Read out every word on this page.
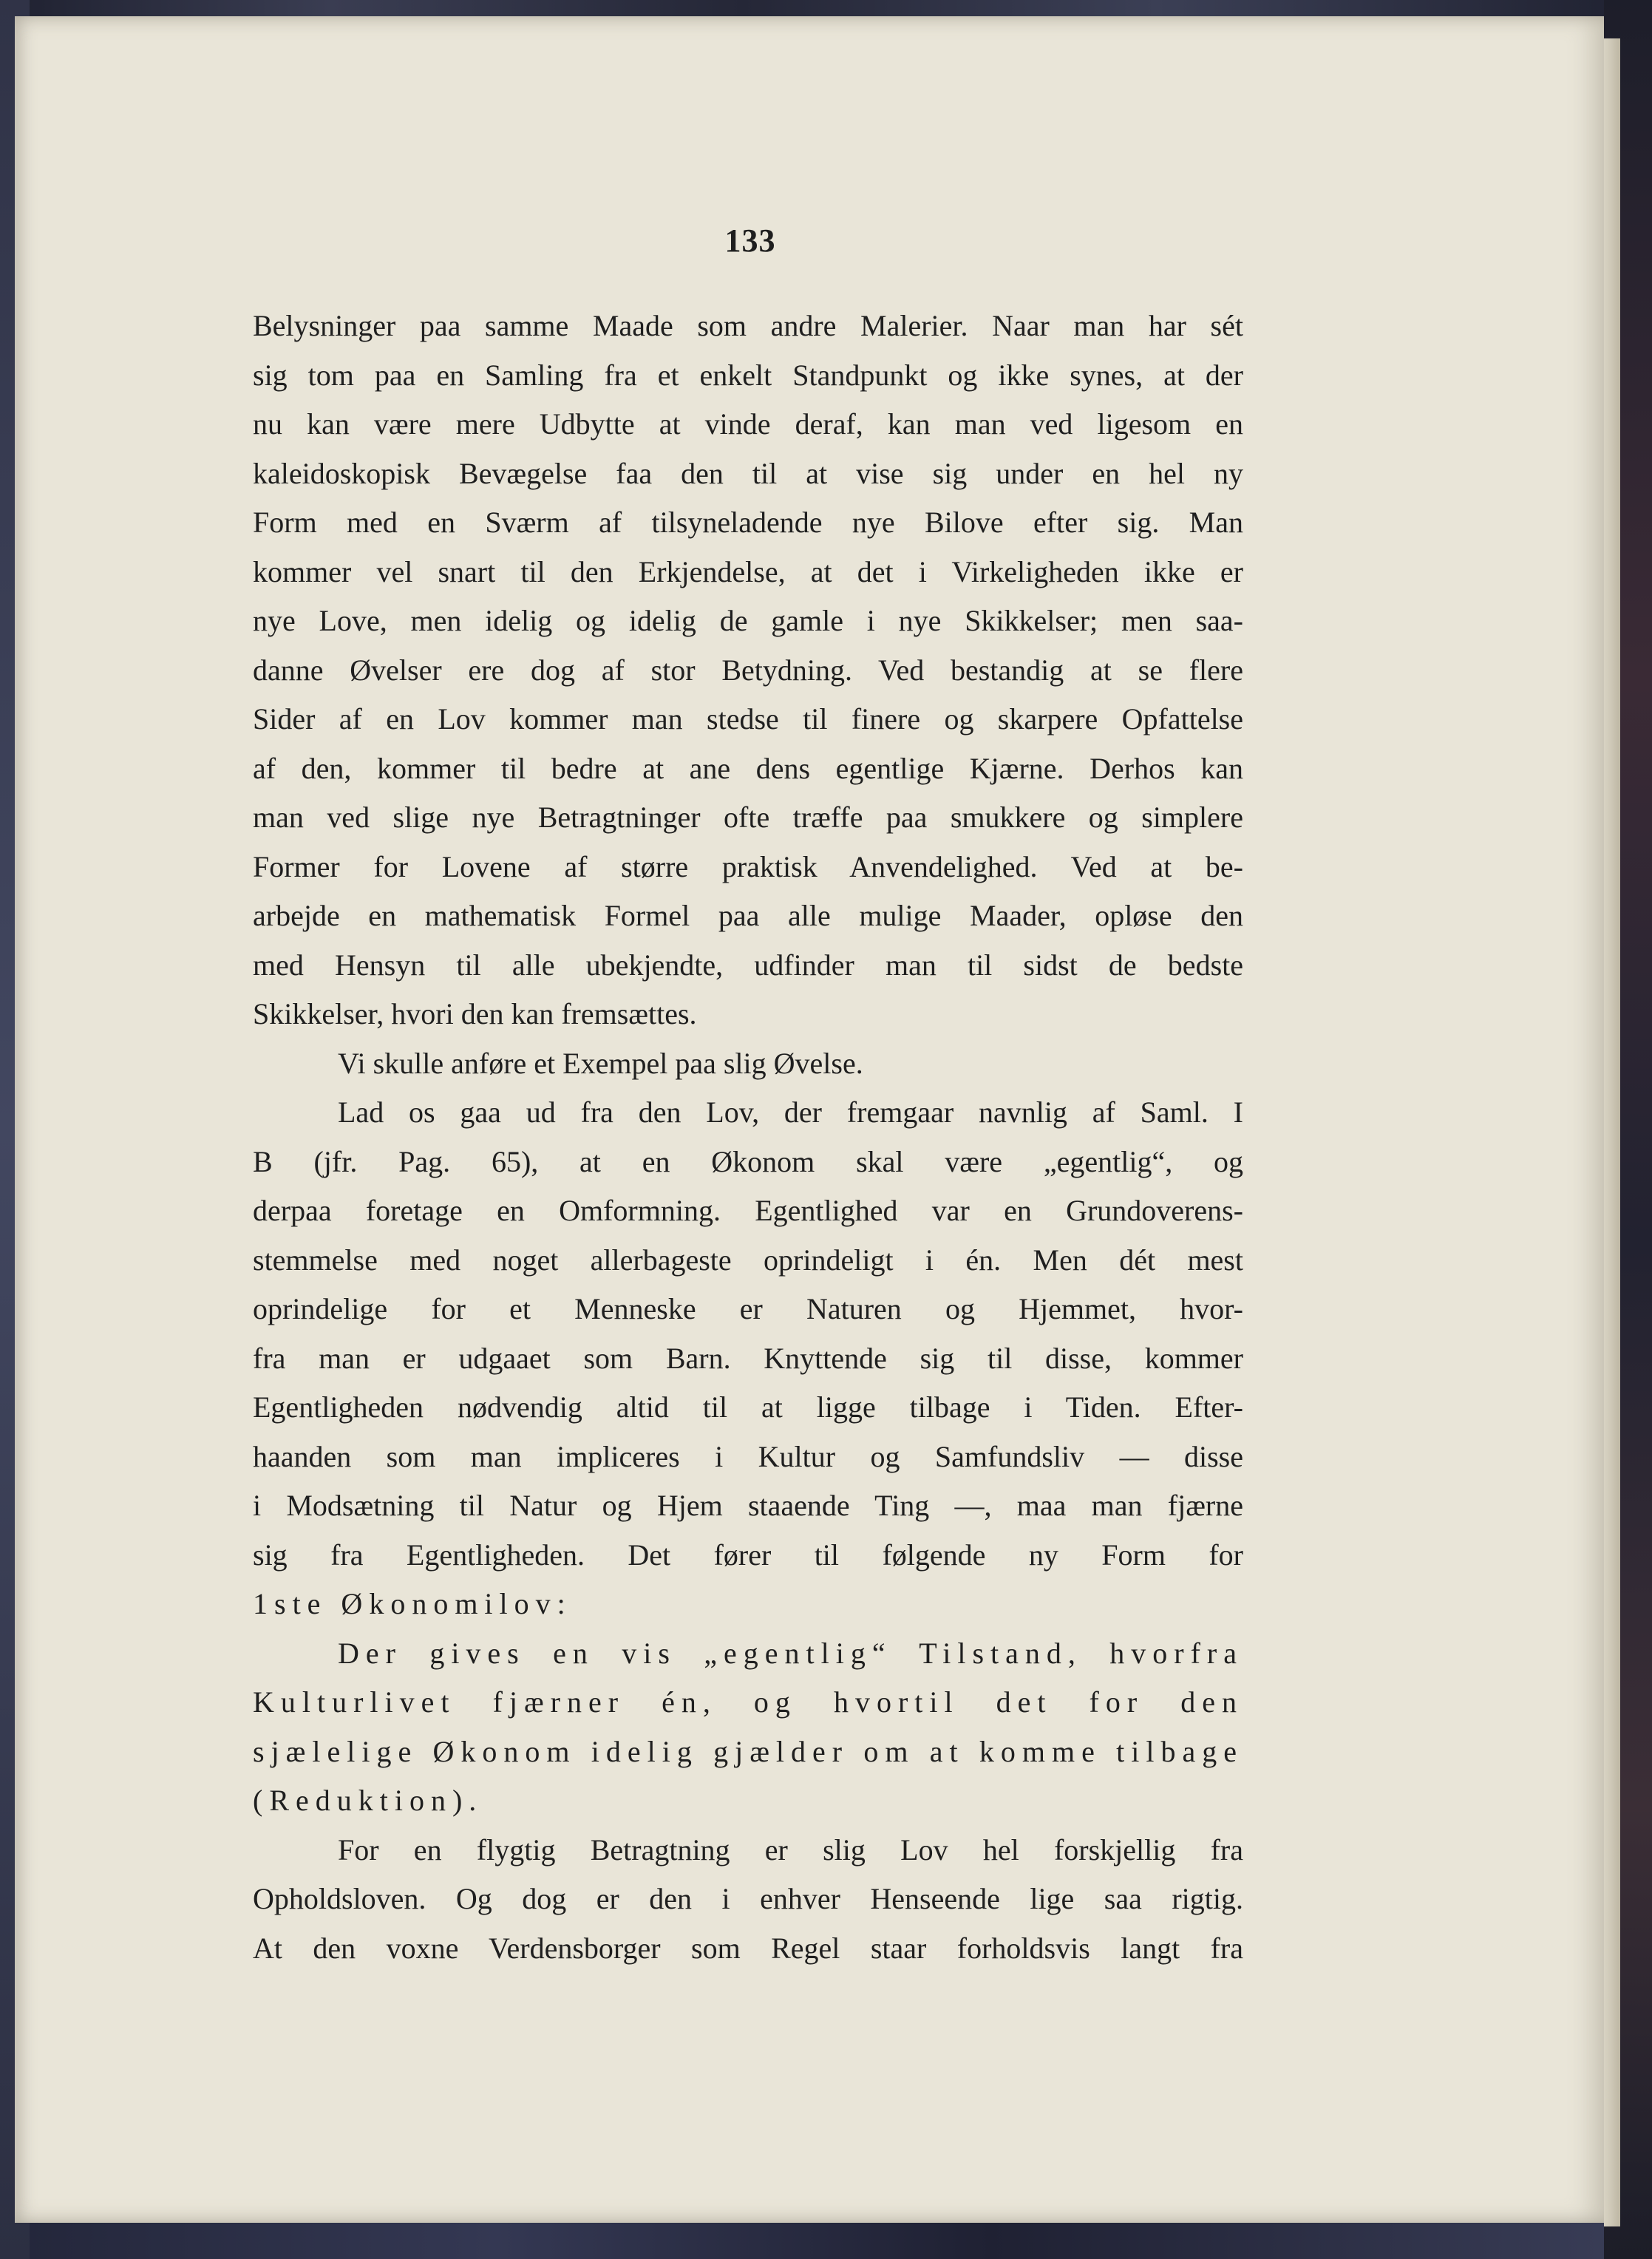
133
Belysninger paa samme Maade som andre Malerier. Naar man har sét
sig tom paa en Samling fra et enkelt Standpunkt og ikke synes, at der
nu kan være mere Udbytte at vinde deraf, kan man ved ligesom en
kaleidoskopisk Bevægelse faa den til at vise sig under en hel ny
Form med en Sværm af tilsyneladende nye Bilove efter sig. Man
kommer vel snart til den Erkjendelse, at det i Virkeligheden ikke er
nye Love, men idelig og idelig de gamle i nye Skikkelser; men saa-
danne Øvelser ere dog af stor Betydning. Ved bestandig at se flere
Sider af en Lov kommer man stedse til finere og skarpere Opfattelse
af den, kommer til bedre at ane dens egentlige Kjærne. Derhos kan
man ved slige nye Betragtninger ofte træffe paa smukkere og simplere
Former for Lovene af større praktisk Anvendelighed. Ved at be-
arbejde en mathematisk Formel paa alle mulige Maader, opløse den
med Hensyn til alle ubekjendte, udfinder man til sidst de bedste
Skikkelser, hvori den kan fremsættes.
Vi skulle anføre et Exempel paa slig Øvelse.
Lad os gaa ud fra den Lov, der fremgaar navnlig af Saml. I
B (jfr. Pag. 65), at en Økonom skal være „egentlig“, og
derpaa foretage en Omformning. Egentlighed var en Grundoverens-
stemmelse med noget allerbageste oprindeligt i én. Men dét mest
oprindelige for et Menneske er Naturen og Hjemmet, hvor-
fra man er udgaaet som Barn. Knyttende sig til disse, kommer
Egentligheden nødvendig altid til at ligge tilbage i Tiden. Efter-
haanden som man impliceres i Kultur og Samfundsliv — disse
i Modsætning til Natur og Hjem staaende Ting —, maa man fjærne
sig fra Egentligheden. Det fører til følgende ny Form for
1ste Økonomilov:
Der gives en vis „egentlig“ Tilstand, hvorfra
Kulturlivet fjærner én, og hvortil det for den
sjælelige Økonom idelig gjælder om at komme tilbage
(Reduktion).
For en flygtig Betragtning er slig Lov hel forskjellig fra
Opholdsloven. Og dog er den i enhver Henseende lige saa rigtig.
At den voxne Verdensborger som Regel staar forholdsvis langt fra
